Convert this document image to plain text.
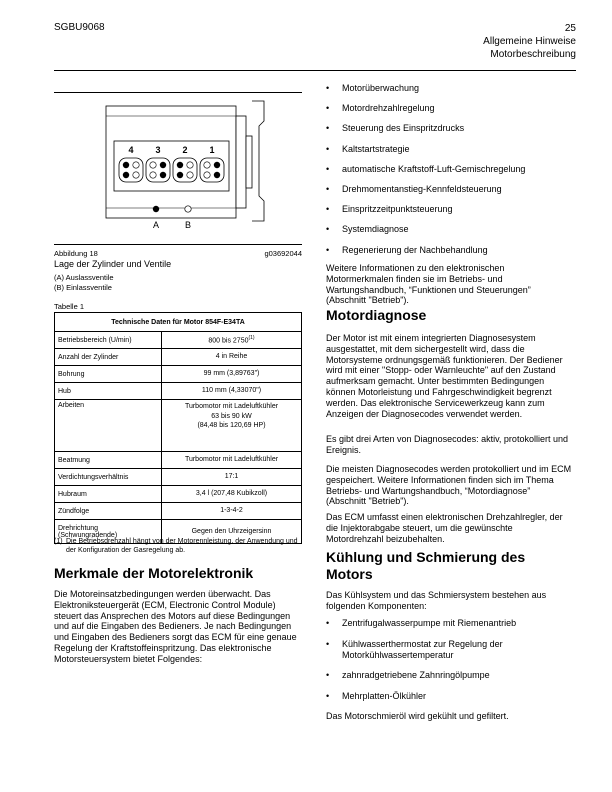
SGBU9068	25
Allgemeine Hinweise
Motorbeschreibung
4 3 2 1
A	B
Abbildung 18	g03692044
Lage der Zylinder und Ventile
(A) Auslassventile
(B) Einlassventile
Tabelle 1
Technische Daten für Motor 854F-E34TA	
Betriebsbereich (U/min)	800 bis 2750$^{(1)}$
Anzahl der Zylinder	4 in Reihe
Bohrung	99 mm (3,89763")
Hub	110 mm (4,33070")
Arbeiten	Turbomotor mit Ladeluftkühler
63 bis 90 kW
(84,48 bis 120,69 HP)

Beatmung	Turbomotor mit Ladeluftkühler
Verdichtungsverhältnis	17:1
Hubraum	3,4 l (207,48 Kubikzoll)
Zündfolge	1-3-4-2

Drehrichtung
(Schwungradende)	Gegen den Uhrzeigersinn
(1) Die Betriebsdrehzahl hängt von der Motorennleistung, der Anwendung und der Konfiguration der Gasregelung ab.
Merkmale der Motorelektronik
Die Motoreinsatzbedingungen werden überwacht. Das Elektroniksteuergerät (ECM, Electronic Control Module) steuert das Ansprechen des Motors auf diese Bedingungen und auf die Eingaben des Bedieners. Je nach Bedingungen und Eingaben des Bedieners sorgt das ECM für eine genaue Regelung der Kraftstoffeinspritzung. Das elektronische Motorsteuersystem bietet Folgendes:
• Motorüberwachung
• Motordrehzahlregelung
• Steuerung des Einspritzdrucks
• Kaltstartstrategie
• automatische Kraftstoff-Luft-Gemischregelung
• Drehmomentanstieg-Kennfeldsteuerung
• Einspritzzeitpunktsteuerung
• Systemdiagnose
• Regenerierung der Nachbehandlung
Weitere Informationen zu den elektronischen Motormerkmalen finden sie im Betriebs- und Wartungshandbuch, “Funktionen und Steuerungen” (Abschnitt "Betrieb").
Motordiagnose
Der Motor ist mit einem integrierten Diagnosesystem ausgestattet, mit dem sichergestellt wird, dass die Motorsysteme ordnungsgemäß funktionieren. Der Bediener wird mit einer "Stopp- oder Warnleuchte" auf den Zustand aufmerksam gemacht. Unter bestimmten Bedingungen können Motorleistung und Fahrgeschwindigkeit begrenzt werden. Das elektronische Servicewerkzeug kann zum Anzeigen der Diagnosecodes verwendet werden.
Es gibt drei Arten von Diagnosecodes: aktiv, protokolliert und Ereignis.
Die meisten Diagnosecodes werden protokolliert und im ECM gespeichert. Weitere Informationen finden sich im Thema Betriebs- und Wartungshandbuch, “Motordiagnose” (Abschnitt "Betrieb").
Das ECM umfasst einen elektronischen Drehzahlregler, der die Injektorabgabe steuert, um die gewünschte Motordrehzahl beizubehalten.
Kühlung und Schmierung des Motors
Das Kühlsystem und das Schmiersystem bestehen aus folgenden Komponenten:
• Zentrifugalwasserpumpe mit Riemenantrieb
• Kühlwasserthermostat zur Regelung der Motorkühlwassertemperatur
• zahnradgetriebene Zahnringölpumpe
• Mehrplatten-Ölkühler
Das Motorschmieröl wird gekühlt und gefiltert.
